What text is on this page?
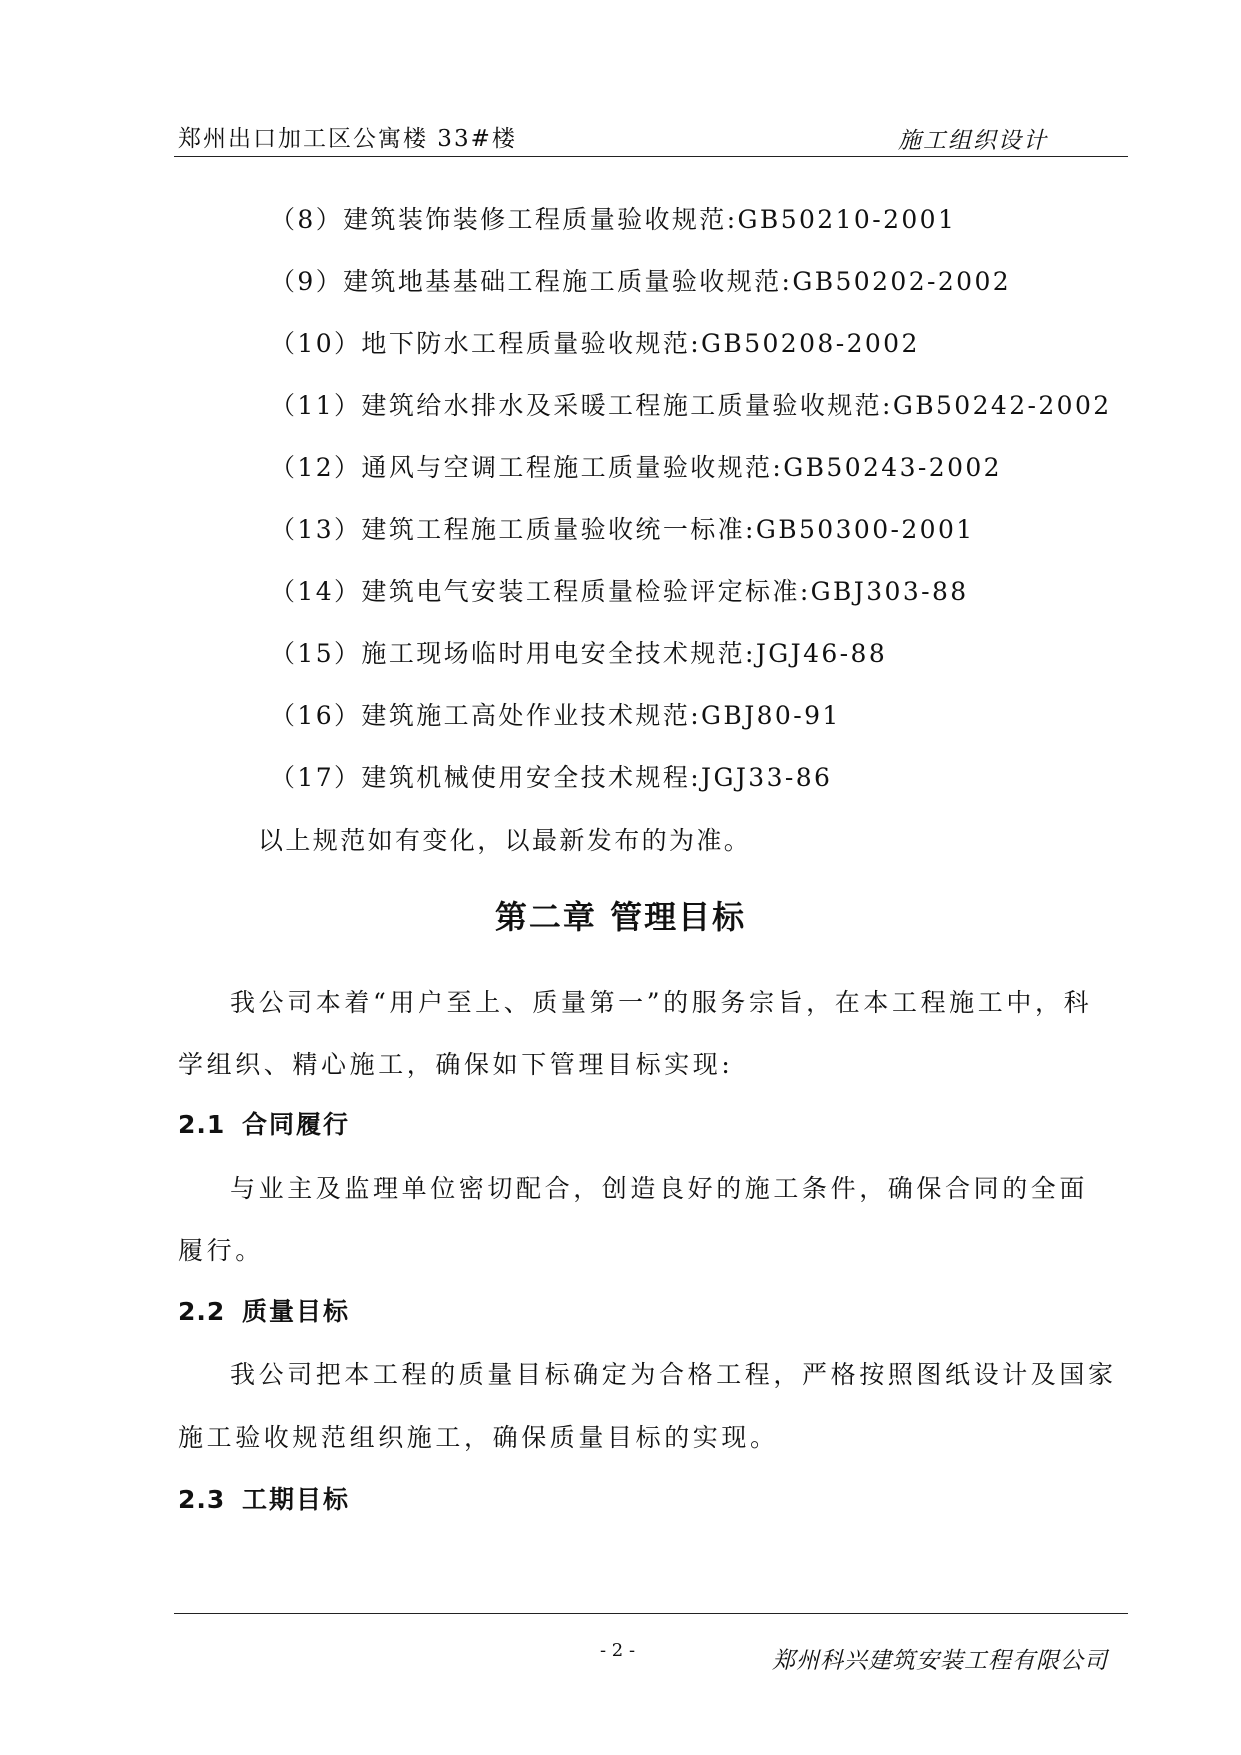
郑州出口加工区公寓楼 33#楼	施工组织设计
（8）建筑装饰装修工程质量验收规范:GB50210-2001
（9）建筑地基基础工程施工质量验收规范:GB50202-2002
（10）地下防水工程质量验收规范:GB50208-2002
（11）建筑给水排水及采暖工程施工质量验收规范:GB50242-2002
（12）通风与空调工程施工质量验收规范:GB50243-2002
（13）建筑工程施工质量验收统一标准:GB50300-2001
（14）建筑电气安装工程质量检验评定标准:GBJ303-88
（15）施工现场临时用电安全技术规范:JGJ46-88
（16）建筑施工高处作业技术规范:GBJ80-91
（17）建筑机械使用安全技术规程:JGJ33-86
以上规范如有变化，以最新发布的为准。
第二章 管理目标
我公司本着“用户至上、质量第一”的服务宗旨，在本工程施工中，科
学组织、精心施工，确保如下管理目标实现:
2.1 合同履行
与业主及监理单位密切配合，创造良好的施工条件，确保合同的全面
履行。
2.2 质量目标
我公司把本工程的质量目标确定为合格工程，严格按照图纸设计及国家
施工验收规范组织施工，确保质量目标的实现。
2.3 工期目标
- 2 -	郑州科兴建筑安装工程有限公司
